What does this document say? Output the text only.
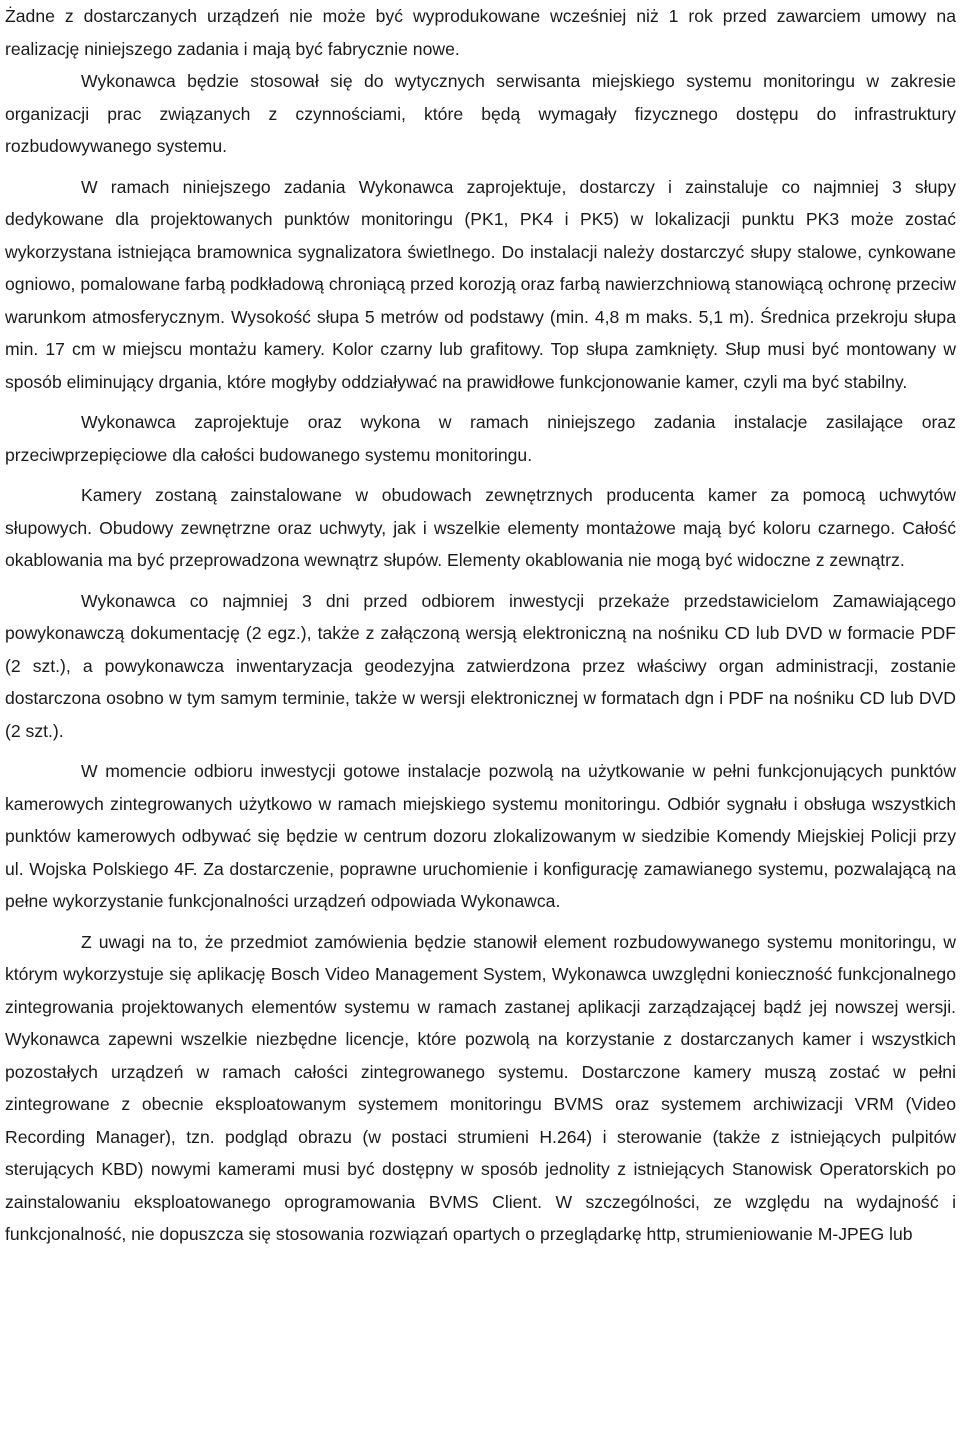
Żadne z dostarczanych urządzeń nie może być wyprodukowane wcześniej niż 1 rok przed zawarciem umowy na realizację niniejszego zadania i mają być fabrycznie nowe.

Wykonawca będzie stosował się do wytycznych serwisanta miejskiego systemu monitoringu w zakresie organizacji prac związanych z czynnościami, które będą wymagały fizycznego dostępu do infrastruktury rozbudowywanego systemu.

W ramach niniejszego zadania Wykonawca zaprojektuje, dostarczy i zainstaluje co najmniej 3 słupy dedykowane dla projektowanych punktów monitoringu (PK1, PK4 i PK5) w lokalizacji punktu PK3 może zostać wykorzystana istniejąca bramownica sygnalizatora świetlnego. Do instalacji należy dostarczyć słupy stalowe, cynkowane ogniowo, pomalowane farbą podkładową chroniącą przed korozją oraz farbą nawierzchniową stanowiącą ochronę przeciw warunkom atmosferycznym. Wysokość słupa 5 metrów od podstawy (min. 4,8 m maks. 5,1 m). Średnica przekroju słupa min. 17 cm w miejscu montażu kamery. Kolor czarny lub grafitowy. Top słupa zamknięty. Słup musi być montowany w sposób eliminujący drgania, które mogłyby oddziaływać na prawidłowe funkcjonowanie kamer, czyli ma być stabilny.

Wykonawca zaprojektuje oraz wykona w ramach niniejszego zadania instalacje zasilające oraz przeciwprzepięciowe dla całości budowanego systemu monitoringu.

Kamery zostaną zainstalowane w obudowach zewnętrznych producenta kamer za pomocą uchwytów słupowych. Obudowy zewnętrzne oraz uchwyty, jak i wszelkie elementy montażowe mają być koloru czarnego. Całość okablowania ma być przeprowadzona wewnątrz słupów. Elementy okablowania nie mogą być widoczne z zewnątrz.

Wykonawca co najmniej 3 dni przed odbiorem inwestycji przekaże przedstawicielom Zamawiającego powykonawczą dokumentację (2 egz.), także z załączoną wersją elektroniczną na nośniku CD lub DVD w formacie PDF (2 szt.), a powykonawcza inwentaryzacja geodezyjna zatwierdzona przez właściwy organ administracji, zostanie dostarczona osobno w tym samym terminie, także w wersji elektronicznej w formatach dgn i PDF na nośniku CD lub DVD (2 szt.).

W momencie odbioru inwestycji gotowe instalacje pozwolą na użytkowanie w pełni funkcjonujących punktów kamerowych zintegrowanych użytkowo w ramach miejskiego systemu monitoringu. Odbiór sygnału i obsługa wszystkich punktów kamerowych odbywać się będzie w centrum dozoru zlokalizowanym w siedzibie Komendy Miejskiej Policji przy ul. Wojska Polskiego 4F. Za dostarczenie, poprawne uruchomienie i konfigurację zamawianego systemu, pozwalającą na pełne wykorzystanie funkcjonalności urządzeń odpowiada Wykonawca.

Z uwagi na to, że przedmiot zamówienia będzie stanowił element rozbudowywanego systemu monitoringu, w którym wykorzystuje się aplikację Bosch Video Management System, Wykonawca uwzględni konieczność funkcjonalnego zintegrowania projektowanych elementów systemu w ramach zastanej aplikacji zarządzającej bądź jej nowszej wersji. Wykonawca zapewni wszelkie niezbędne licencje, które pozwolą na korzystanie z dostarczanych kamer i wszystkich pozostałych urządzeń w ramach całości zintegrowanego systemu. Dostarczone kamery muszą zostać w pełni zintegrowane z obecnie eksploatowanym systemem monitoringu BVMS oraz systemem archiwizacji VRM (Video Recording Manager), tzn. podgląd obrazu (w postaci strumieni H.264) i sterowanie (także z istniejących pulpitów sterujących KBD) nowymi kamerami musi być dostępny w sposób jednolity z istniejących Stanowisk Operatorskich po zainstalowaniu eksploatowanego oprogramowania BVMS Client. W szczególności, ze względu na wydajność i funkcjonalność, nie dopuszcza się stosowania rozwiązań opartych o przeglądarkę http, strumieniowanie M-JPEG lub
